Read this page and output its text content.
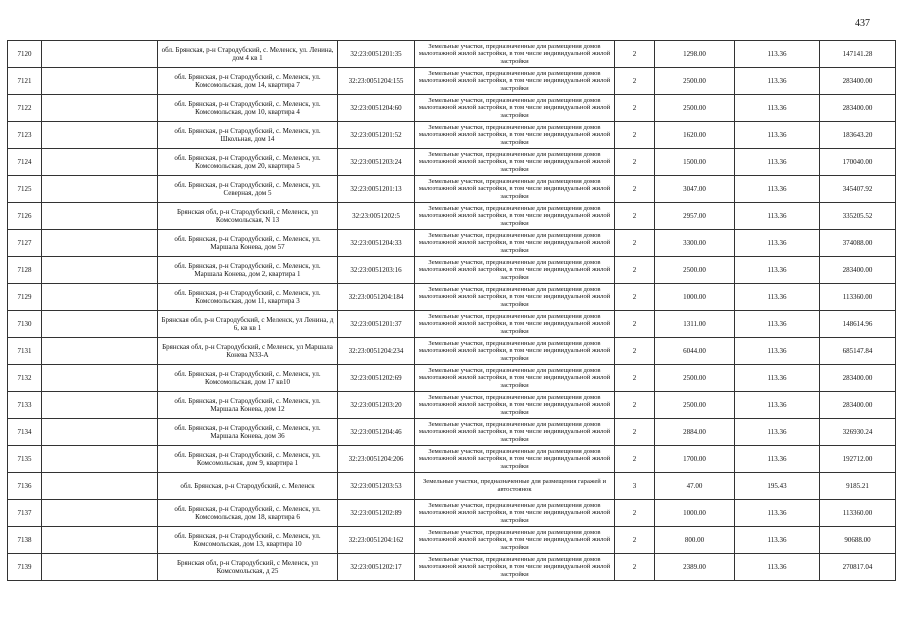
437
7120		обл. Брянская, р-н Стародубский, с. Меленск, ул. Ленина, дом 4 кв 1	32:23:0051201:35	Земельные участки, предназначенные для размещения домов малоэтажной жилой застройки, в том числе индивидуальной жилой застройки	2	1298.00	113.36	147141.28
7121		обл. Брянская, р-н Стародубский, с. Меленск, ул. Комсомольская, дом 14, квартира 7	32:23:0051204:155	Земельные участки, предназначенные для размещения домов малоэтажной жилой застройки, в том числе индивидуальной жилой застройки	2	2500.00	113.36	283400.00
7122		обл. Брянская, р-н Стародубский, с. Меленск, ул. Комсомольская, дом 10, квартира 4	32:23:0051204:60	Земельные участки, предназначенные для размещения домов малоэтажной жилой застройки, в том числе индивидуальной жилой застройки	2	2500.00	113.36	283400.00
7123		обл. Брянская, р-н Стародубский, с. Меленск, ул. Школьная, дом 14	32:23:0051201:52	Земельные участки, предназначенные для размещения домов малоэтажной жилой застройки, в том числе индивидуальной жилой застройки	2	1620.00	113.36	183643.20
7124		обл. Брянская, р-н Стародубский, с. Меленск, ул. Комсомольская, дом 20, квартира 5	32:23:0051203:24	Земельные участки, предназначенные для размещения домов малоэтажной жилой застройки, в том числе индивидуальной жилой застройки	2	1500.00	113.36	170040.00
7125		обл. Брянская, р-н Стародубский, с. Меленск, ул. Северная, дом 5	32:23:0051201:13	Земельные участки, предназначенные для размещения домов малоэтажной жилой застройки, в том числе индивидуальной жилой застройки	2	3047.00	113.36	345407.92
7126		Брянская обл, р-н Стародубский, с Меленск, ул Комсомольская, N 13	32:23:0051202:5	Земельные участки, предназначенные для размещения домов малоэтажной жилой застройки, в том числе индивидуальной жилой застройки	2	2957.00	113.36	335205.52
7127		обл. Брянская, р-н Стародубский, с. Меленск, ул. Маршала Конева, дом 57	32:23:0051204:33	Земельные участки, предназначенные для размещения домов малоэтажной жилой застройки, в том числе индивидуальной жилой застройки	2	3300.00	113.36	374088.00
7128		обл. Брянская, р-н Стародубский, с. Меленск, ул. Маршала Конева, дом 2, квартира 1	32:23:0051203:16	Земельные участки, предназначенные для размещения домов малоэтажной жилой застройки, в том числе индивидуальной жилой застройки	2	2500.00	113.36	283400.00
7129		обл. Брянская, р-н Стародубский, с. Меленск, ул. Комсомольская, дом 11, квартира 3	32:23:0051204:184	Земельные участки, предназначенные для размещения домов малоэтажной жилой застройки, в том числе индивидуальной жилой застройки	2	1000.00	113.36	113360.00
7130		Брянская обл, р-н Стародубский, с Меленск, ул Ленина, д 6, кв кв 1	32:23:0051201:37	Земельные участки, предназначенные для размещения домов малоэтажной жилой застройки, в том числе индивидуальной жилой застройки	2	1311.00	113.36	148614.96
7131		Брянская обл, р-н Стародубский, с Меленск, ул Маршала Конева N33-А	32:23:0051204:234	Земельные участки, предназначенные для размещения домов малоэтажной жилой застройки, в том числе индивидуальной жилой застройки	2	6044.00	113.36	685147.84
7132		обл. Брянская, р-н Стародубский, с. Меленск, ул. Комсомольская, дом 17 кв10	32:23:0051202:69	Земельные участки, предназначенные для размещения домов малоэтажной жилой застройки, в том числе индивидуальной жилой застройки	2	2500.00	113.36	283400.00
7133		обл. Брянская, р-н Стародубский, с. Меленск, ул. Маршала Конева, дом 12	32:23:0051203:20	Земельные участки, предназначенные для размещения домов малоэтажной жилой застройки, в том числе индивидуальной жилой застройки	2	2500.00	113.36	283400.00
7134		обл. Брянская, р-н Стародубский, с. Меленск, ул. Маршала Конева, дом 36	32:23:0051204:46	Земельные участки, предназначенные для размещения домов малоэтажной жилой застройки, в том числе индивидуальной жилой застройки	2	2884.00	113.36	326930.24
7135		обл. Брянская, р-н Стародубский, с. Меленск, ул. Комсомольская, дом 9, квартира 1	32:23:0051204:206	Земельные участки, предназначенные для размещения домов малоэтажной жилой застройки, в том числе индивидуальной жилой застройки	2	1700.00	113.36	192712.00
7136		обл. Брянская, р-н Стародубский, с. Меленск	32:23:0051203:53	Земельные участки, предназначенные для размещения гаражей и автостоянок	3	47.00	195.43	9185.21
7137		обл. Брянская, р-н Стародубский, с. Меленск, ул. Комсомольская, дом 18, квартира 6	32:23:0051202:89	Земельные участки, предназначенные для размещения домов малоэтажной жилой застройки, в том числе индивидуальной жилой застройки	2	1000.00	113.36	113360.00
7138		обл. Брянская, р-н Стародубский, с. Меленск, ул. Комсомольская, дом 13, квартира 10	32:23:0051204:162	Земельные участки, предназначенные для размещения домов малоэтажной жилой застройки, в том числе индивидуальной жилой застройки	2	800.00	113.36	90688.00
7139		Брянская обл, р-н Стародубский, с Меленск, ул Комсомольская, д 25	32:23:0051202:17	Земельные участки, предназначенные для размещения домов малоэтажной жилой застройки, в том числе индивидуальной жилой застройки	2	2389.00	113.36	270817.04
